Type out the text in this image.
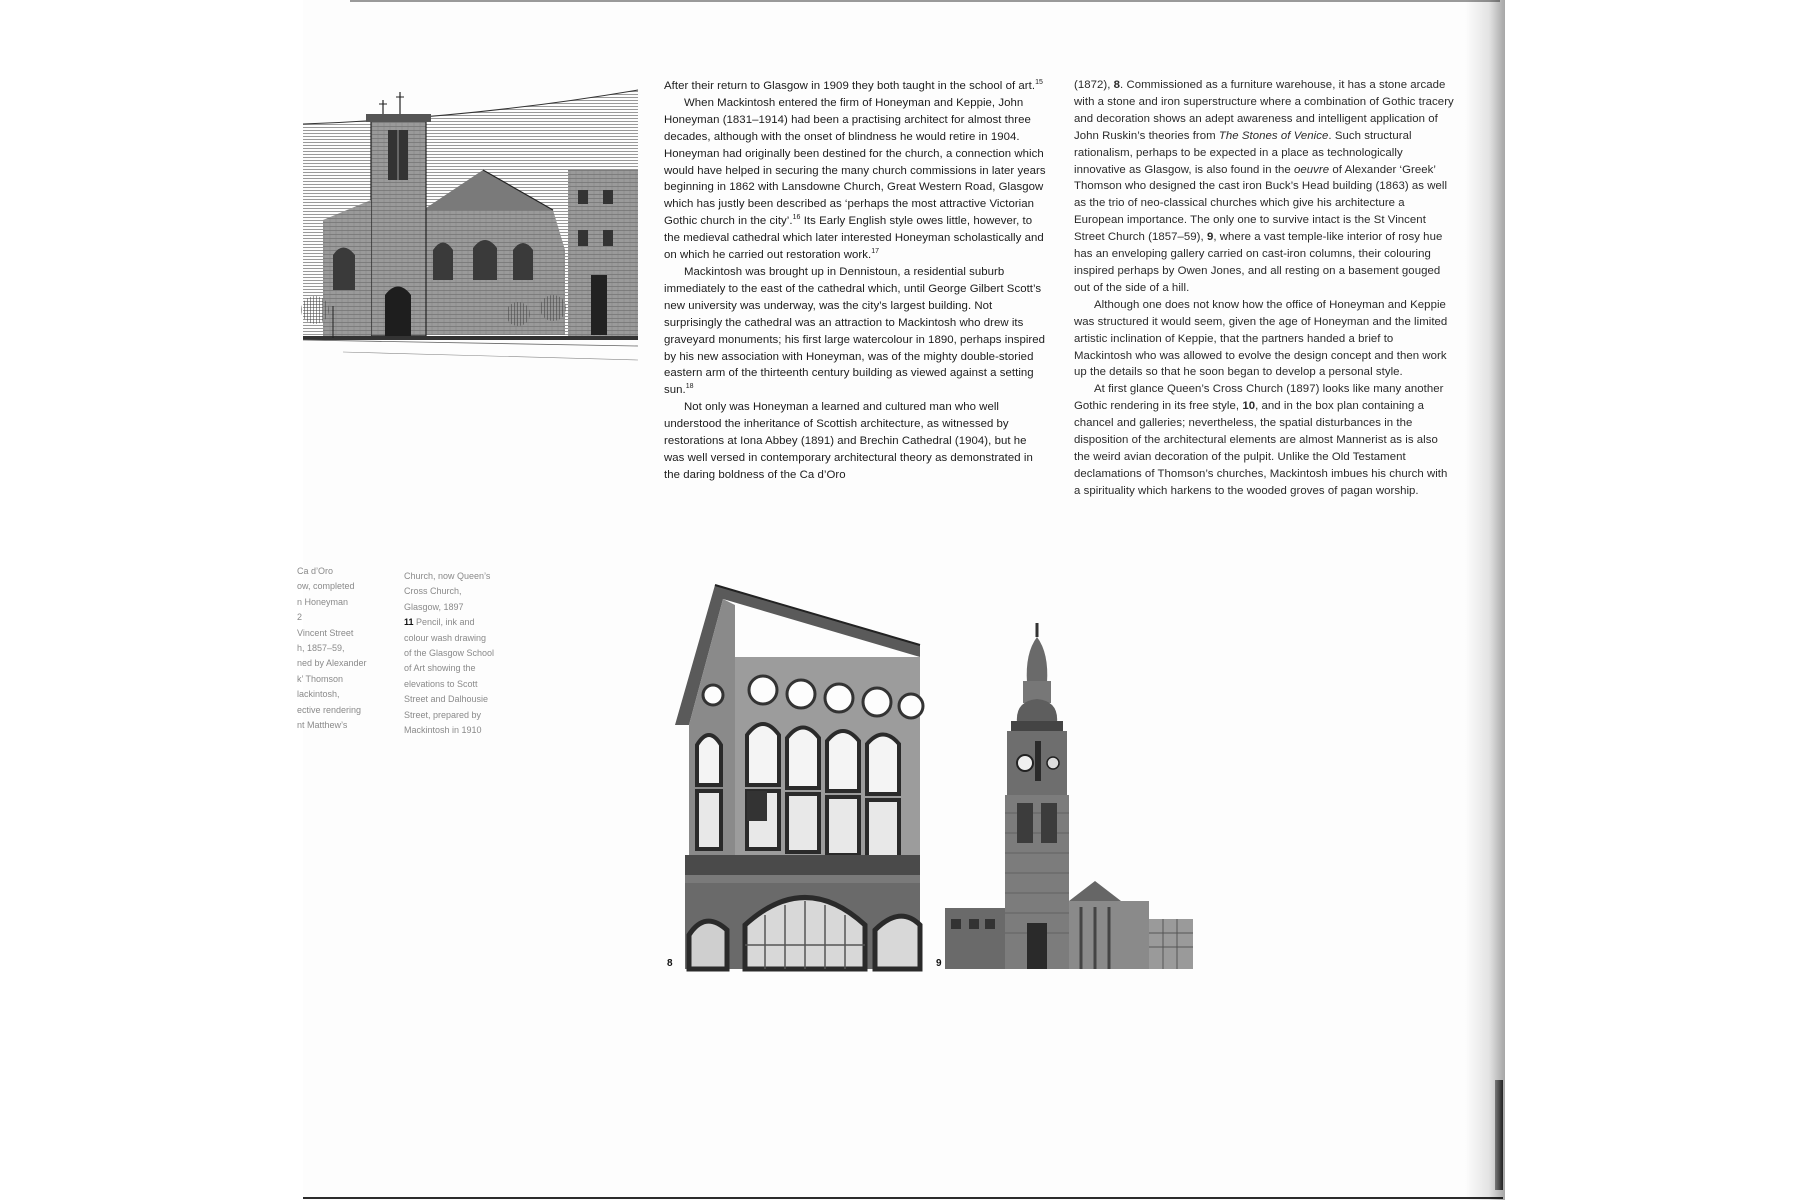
After their return to Glasgow in 1909 they both taught in the school of art.$^{15}$

When Mackintosh entered the firm of Honeyman and Keppie, John Honeyman (1831–1914) had been a practising architect for almost three decades, although with the onset of blindness he would retire in 1904. Honeyman had originally been destined for the church, a connection which would have helped in securing the many church commissions in later years beginning in 1862 with Lansdowne Church, Great Western Road, Glasgow which has justly been described as ‘perhaps the most attractive Victorian Gothic church in the city’.$^{16}$ Its Early English style owes little, however, to the medieval cathedral which later interested Honeyman scholastically and on which he carried out restoration work.$^{17}$

Mackintosh was brought up in Dennistoun, a residential suburb immediately to the east of the cathedral which, until George Gilbert Scott’s new university was underway, was the city’s largest building. Not surprisingly the cathedral was an attraction to Mackintosh who drew its graveyard monuments; his first large watercolour in 1890, perhaps inspired by his new association with Honeyman, was of the mighty double-storied eastern arm of the thirteenth century building as viewed against a setting sun.$^{18}$

Not only was Honeyman a learned and cultured man who well understood the inheritance of Scottish architecture, as witnessed by restorations at Iona Abbey (1891) and Brechin Cathedral (1904), but he was well versed in contemporary architectural theory as demonstrated in the daring boldness of the Ca d’Oro

(1872), 8. Commissioned as a furniture warehouse, it has a stone arcade with a stone and iron superstructure where a combination of Gothic tracery and decoration shows an adept awareness and intelligent application of John Ruskin’s theories from The Stones of Venice. Such structural rationalism, perhaps to be expected in a place as technologically innovative as Glasgow, is also found in the oeuvre of Alexander ‘Greek’ Thomson who designed the cast iron Buck’s Head building (1863) as well as the trio of neo-classical churches which give his architecture a European importance. The only one to survive intact is the St Vincent Street Church (1857–59), 9, where a vast temple-like interior of rosy hue has an enveloping gallery carried on cast-iron columns, their colouring inspired perhaps by Owen Jones, and all resting on a basement gouged out of the side of a hill.

Although one does not know how the office of Honeyman and Keppie was structured it would seem, given the age of Honeyman and the limited artistic inclination of Keppie, that the partners handed a brief to Mackintosh who was allowed to evolve the design concept and then work up the details so that he soon began to develop a personal style.

At first glance Queen’s Cross Church (1897) looks like many another Gothic rendering in its free style, 10, and in the box plan containing a chancel and galleries; nevertheless, the spatial disturbances in the disposition of the architectural elements are almost Mannerist as is also the weird avian decoration of the pulpit. Unlike the Old Testament declamations of Thomson’s churches, Mackintosh imbues his church with a spirituality which harkens to the wooded groves of pagan worship.

Ca d’Oro
ow, completed
n Honeyman
2
Vincent Street
h, 1857–59,
ned by Alexander
k’ Thomson
lackintosh,
ective rendering
nt Matthew’s
Church, now Queen’s
Cross Church,
Glasgow, 1897
11 Pencil, ink and
colour wash drawing
of the Glasgow School
of Art showing the
elevations to Scott
Street and Dalhousie
Street, prepared by
Mackintosh in 1910
8	9
